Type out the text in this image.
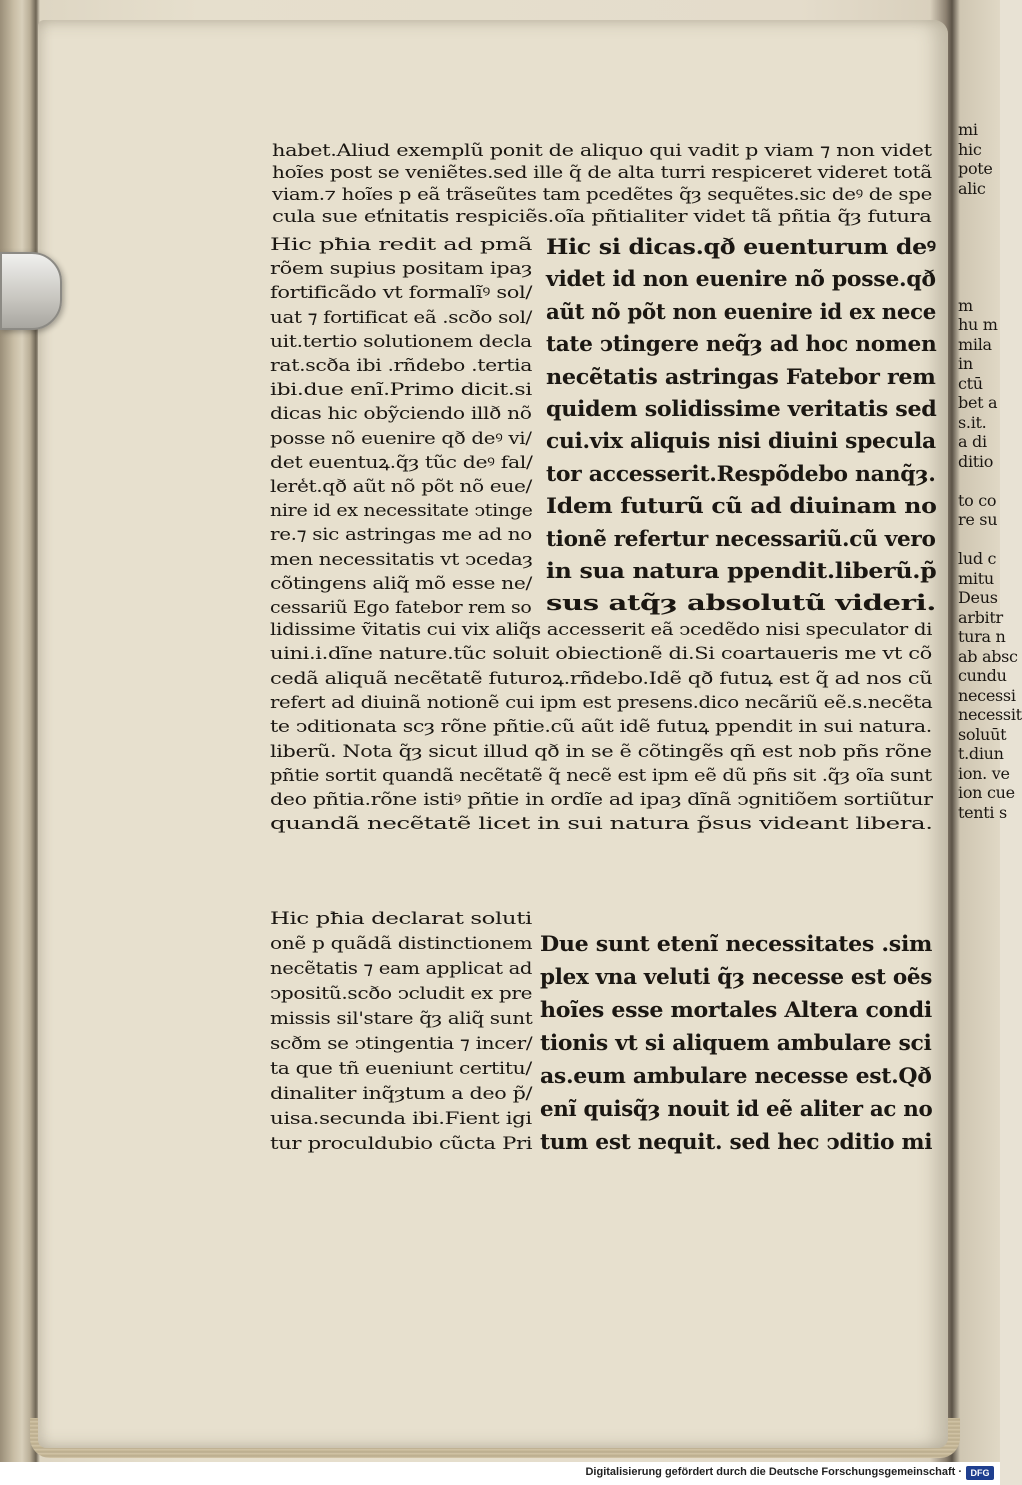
habet.Aliud exemplũ ponit de aliquo qui vadit p viam ⁊ non videt
hoĩes post se veniẽtes.sed ille q̃ de alta turri respiceret videret totã
viam.⁊ hoĩes p eã trãseũtes tam pcedẽtes q̃ȝ sequẽtes.sic deꝰ de spe
cula sue eťnitatis respiciẽs.oĩa pñtialiter videt tã pñtia q̃ȝ futura
Hic pħia redit ad pmã
rõem supius positam ipaȝ
fortificãdo vt formalĩꝰ sol/
uat ⁊ fortificat eã .scðo sol/
uit.tertio solutionem decla
rat.scða ibi .rñdebo .tertia
ibi.due enĩ.Primo dicit.si
dicas hic obỹciendo illð nõ
posse nõ euenire qð deꝰ vi/
det euentuꝝ.q̃ȝ tũc deꝰ fal/
lere̾t.qð aũt nõ põt nõ eue/
nire id ex necessitate ↄtinge
re.⁊ sic astringas me ad no
men necessitatis vt ↄcedaȝ
cõtingens aliq̃ mõ esse ne/
cessariũ Ego fatebor rem so
Hic si dicas.qð euenturum deꝰ
videt id non euenire nõ posse.qð
aũt nõ põt non euenire id ex nece
tate ↄtingere neq̃ȝ ad hoc nomen
necẽtatis astringas Fatebor rem
quidem solidissime veritatis sed
cui.vix aliquis nisi diuini specula
tor accesserit.Respõdebo nanq̃ȝ.
Idem futurũ cũ ad diuinam no
tionẽ refertur necessariũ.cũ vero
in sua natura ppendit.liberũ.p̃
sus atq̃ȝ absolutũ videri.
lidissime ṽitatis cui vix aliq̃s accesserit eã ↄcedẽdo nisi speculator di
uini.i.dĩne nature.tũc soluit obiectionẽ di.Si coartaueris me vt cõ
cedã aliquã necẽtatẽ futuroꝝ.rñdebo.Idẽ qð futuꝝ est q̃ ad nos cũ
refert ad diuinã notionẽ cui ipm est presens.dico necãriũ eẽ.s.necẽta
te ↄditionata scȝ rõne pñtie.cũ aũt idẽ futuꝝ ppendit in sui natura.
liberũ. Nota q̃ȝ sicut illud qð in se ẽ cõtingẽs qñ est nob pñs rõne
pñtie sortit quandã necẽtatẽ q̃ necẽ est ipm eẽ dũ pñs sit .q̃ȝ oĩa sunt
deo pñtia.rõne istiꝰ pñtie in ordĩe ad ipaȝ dĩnã ↄgnitiõem sortiũtur
quandã necẽtatẽ licet in sui natura p̃sus videant libera.
Hic pħia declarat soluti
onẽ p quãdã distinctionem
necẽtatis ⁊ eam applicat ad
ↄpositũ.scðo ↄcludit ex pre
missis sil'stare q̃ȝ aliq̃ sunt
scðm se ↄtingentia ⁊ incer/
ta que tñ eueniunt certitu/
dinaliter inq̃ȝtum a deo p̃/
uisa.secunda ibi.Fient igi
tur proculdubio cũcta Pri
Due sunt etenĩ necessitates .sim
plex vna veluti q̃ȝ necesse est oẽs
hoĩes esse mortales Altera condi
tionis vt si aliquem ambulare sci
as.eum ambulare necesse est.Qð
enĩ quisq̃ȝ nouit id eẽ aliter ac no
tum est nequit. sed hec ↄditio mi
mi
hic
pote
alic
m
hu m
mila
in
ctū
bet a
s.it.
a di
ditio
to co
re su
lud c
mitu
Deus
arbitr
tura n
ab absc
cundu
necessi
necessit
soluūt
t.diun
ion. ve
ion cue
tenti s
Digitalisierung gefördert durch die Deutsche Forschungsgemeinschaft · DFG
